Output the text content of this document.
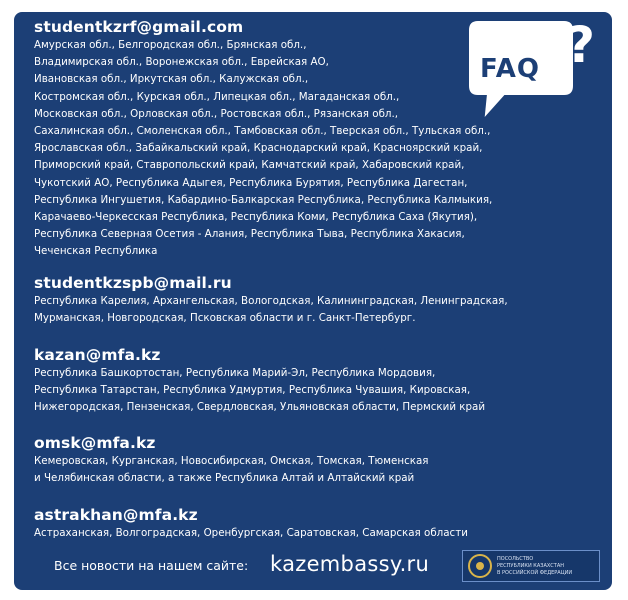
FAQ ?
studentkzrf@gmail.com
Амурская обл., Белгородская обл., Брянская обл.,
Владимирская обл., Воронежская обл., Еврейская АО,
Ивановская обл., Иркутская обл., Калужская обл.,
Костромская обл., Курская обл., Липецкая обл., Магаданская обл.,
Московская обл., Орловская обл., Ростовская обл., Рязанская обл.,
Сахалинская обл., Смоленская обл., Тамбовская обл., Тверская обл., Тульская обл.,
Ярославская обл., Забайкальский край, Краснодарский край, Красноярский край,
Приморский край, Ставропольский край, Камчатский край, Хабаровский край,
Чукотский АО, Республика Адыгея, Республика Бурятия, Республика Дагестан,
Республика Ингушетия, Кабардино-Балкарская Республика, Республика Калмыкия,
Карачаево-Черкесская Республика, Республика Коми, Республика Саха (Якутия),
Республика Северная Осетия - Алания, Республика Тыва, Республика Хакасия,
Чеченская Республика
studentkzspb@mail.ru
Республика Карелия, Архангельская, Вологодская, Калининградская, Ленинградская,
Мурманская, Новгородская, Псковская области и г. Санкт-Петербург.
kazan@mfa.kz
Республика Башкортостан, Республика Марий-Эл, Республика Мордовия,
Республика Татарстан, Республика Удмуртия, Республика Чувашия, Кировская,
Нижегородская, Пензенская, Свердловская, Ульяновская области, Пермский край
omsk@mfa.kz
Кемеровская, Курганская, Новосибирская, Омская, Томская, Тюменская
и Челябинская области, а также Республика Алтай и Алтайский край
astrakhan@mfa.kz
Астраханская, Волгоградская, Оренбургская, Саратовская, Самарская области
Все новости на нашем сайте: kazembassy.ru	ПОСОЛЬСТВО
РЕСПУБЛИКИ КАЗАХСТАН
В РОССИЙСКОЙ ФЕДЕРАЦИИ
